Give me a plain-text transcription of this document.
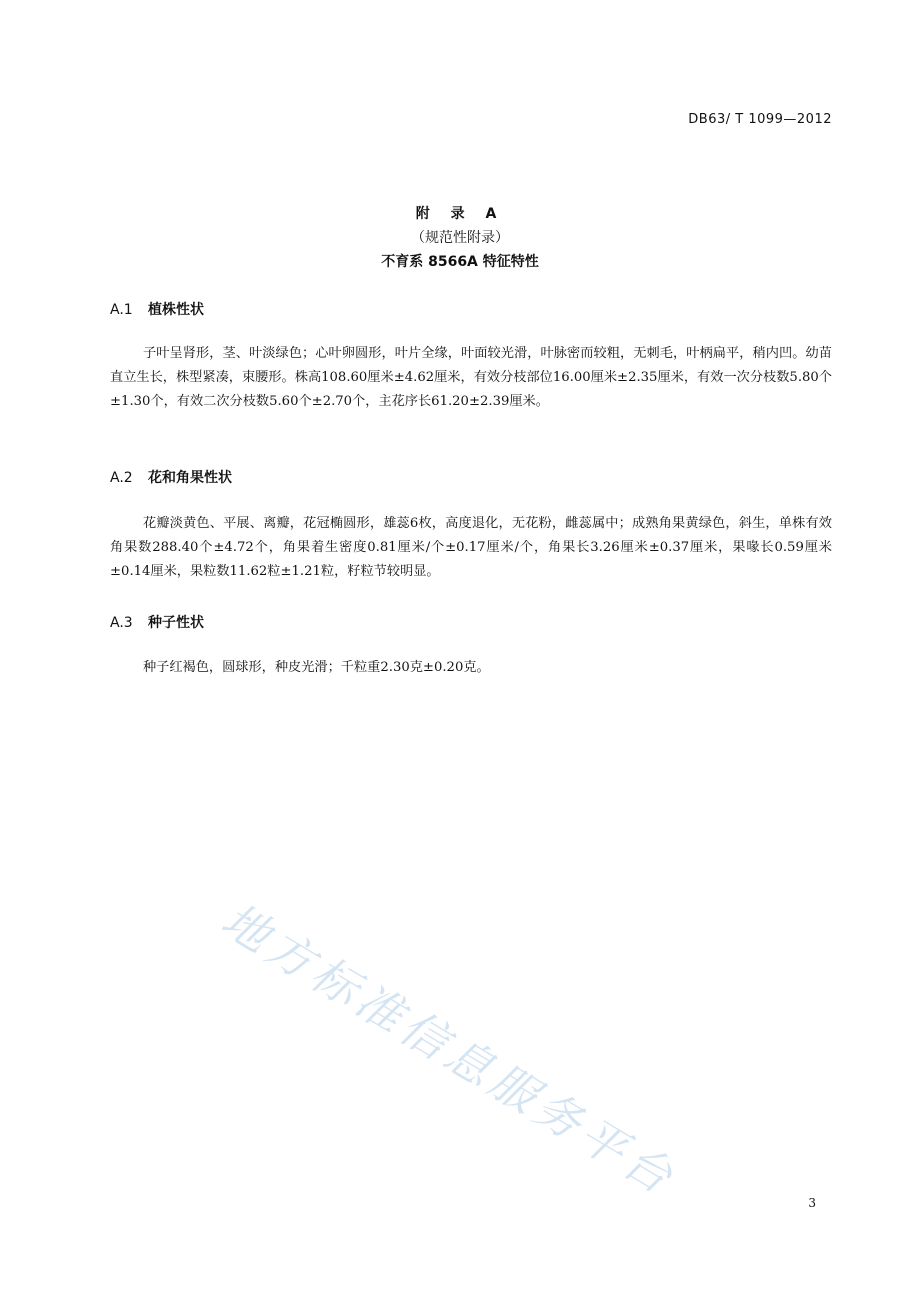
DB63/ T 1099—2012
附 录 A
（规范性附录）
不育系 8566A 特征特性
A.1 植株性状

子叶呈肾形，茎、叶淡绿色；心叶卵圆形，叶片全缘，叶面较光滑，叶脉密而较粗，无刺毛，叶柄扁平，稍内凹。幼苗直立生长，株型紧凑，束腰形。株高108.60厘米±4.62厘米，有效分枝部位16.00厘米±2.35厘米，有效一次分枝数5.80个±1.30个，有效二次分枝数5.60个±2.70个，主花序长61.20±2.39厘米。

A.2 花和角果性状

花瓣淡黄色、平展、离瓣，花冠椭圆形，雄蕊6枚，高度退化，无花粉，雌蕊属中；成熟角果黄绿色，斜生，单株有效角果数288.40个±4.72个，角果着生密度0.81厘米/个±0.17厘米/个，角果长3.26厘米±0.37厘米，果喙长0.59厘米±0.14厘米，果粒数11.62粒±1.21粒，籽粒节较明显。

A.3 种子性状

种子红褐色，圆球形，种皮光滑；千粒重2.30克±0.20克。

地方标准信息服务平台	3
